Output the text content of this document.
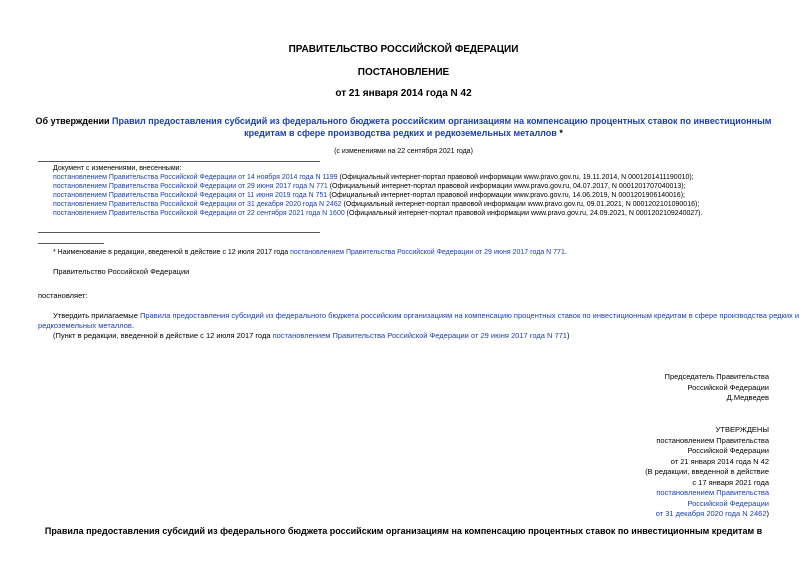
ПРАВИТЕЛЬСТВО РОССИЙСКОЙ ФЕДЕРАЦИИ
ПОСТАНОВЛЕНИЕ
от 21 января 2014 года N 42
Об утверждении Правил предоставления субсидий из федерального бюджета российским организациям на компенсацию процентных ставок по инвестиционным
кредитам в сфере производства редких и редкоземельных металлов *
(с изменениями на 22 сентября 2021 года)
Документ с изменениями, внесенными:
постановлением Правительства Российской Федерации от 14 ноября 2014 года N 1199 (Официальный интернет-портал правовой информации www.pravo.gov.ru, 19.11.2014, N 0001201411190010);
постановлением Правительства Российской Федерации от 29 июня 2017 года N 771 (Официальный интернет-портал правовой информации www.pravo.gov.ru, 04.07.2017, N 0001201707040013);
постановлением Правительства Российской Федерации от 11 июня 2019 года N 751 (Официальный интернет-портал правовой информации www.pravo.gov.ru, 14.06.2019, N 0001201906140016);
постановлением Правительства Российской Федерации от 31 декабря 2020 года N 2462 (Официальный интернет-портал правовой информации www.pravo.gov.ru, 09.01.2021, N 0001202101090016);
постановлением Правительства Российской Федерации от 22 сентября 2021 года N 1600 (Официальный интернет-портал правовой информации www.pravo.gov.ru, 24.09.2021, N 0001202109240027).
* Наименование в редакции, введенной в действие с 12 июля 2017 года постановлением Правительства Российской Федерации от 29 июня 2017 года N 771.
Правительство Российской Федерации
постановляет:
Утвердить прилагаемые Правила предоставления субсидий из федерального бюджета российским организациям на компенсацию процентных ставок по инвестиционным кредитам в сфере производства редких и
редкоземельных металлов.
(Пункт в редакции, введенной в действие с 12 июля 2017 года постановлением Правительства Российской Федерации от 29 июня 2017 года N 771)
Председатель Правительства
Российской Федерации
Д.Медведев
УТВЕРЖДЕНЫ
постановлением Правительства
Российской Федерации
от 21 января 2014 года N 42
(В редакции, введенной в действие
с 17 января 2021 года
постановлением Правительства
Российской Федерации
от 31 декабря 2020 года N 2462)
Правила предоставления субсидий из федерального бюджета российским организациям на компенсацию процентных ставок по инвестиционным кредитам в
